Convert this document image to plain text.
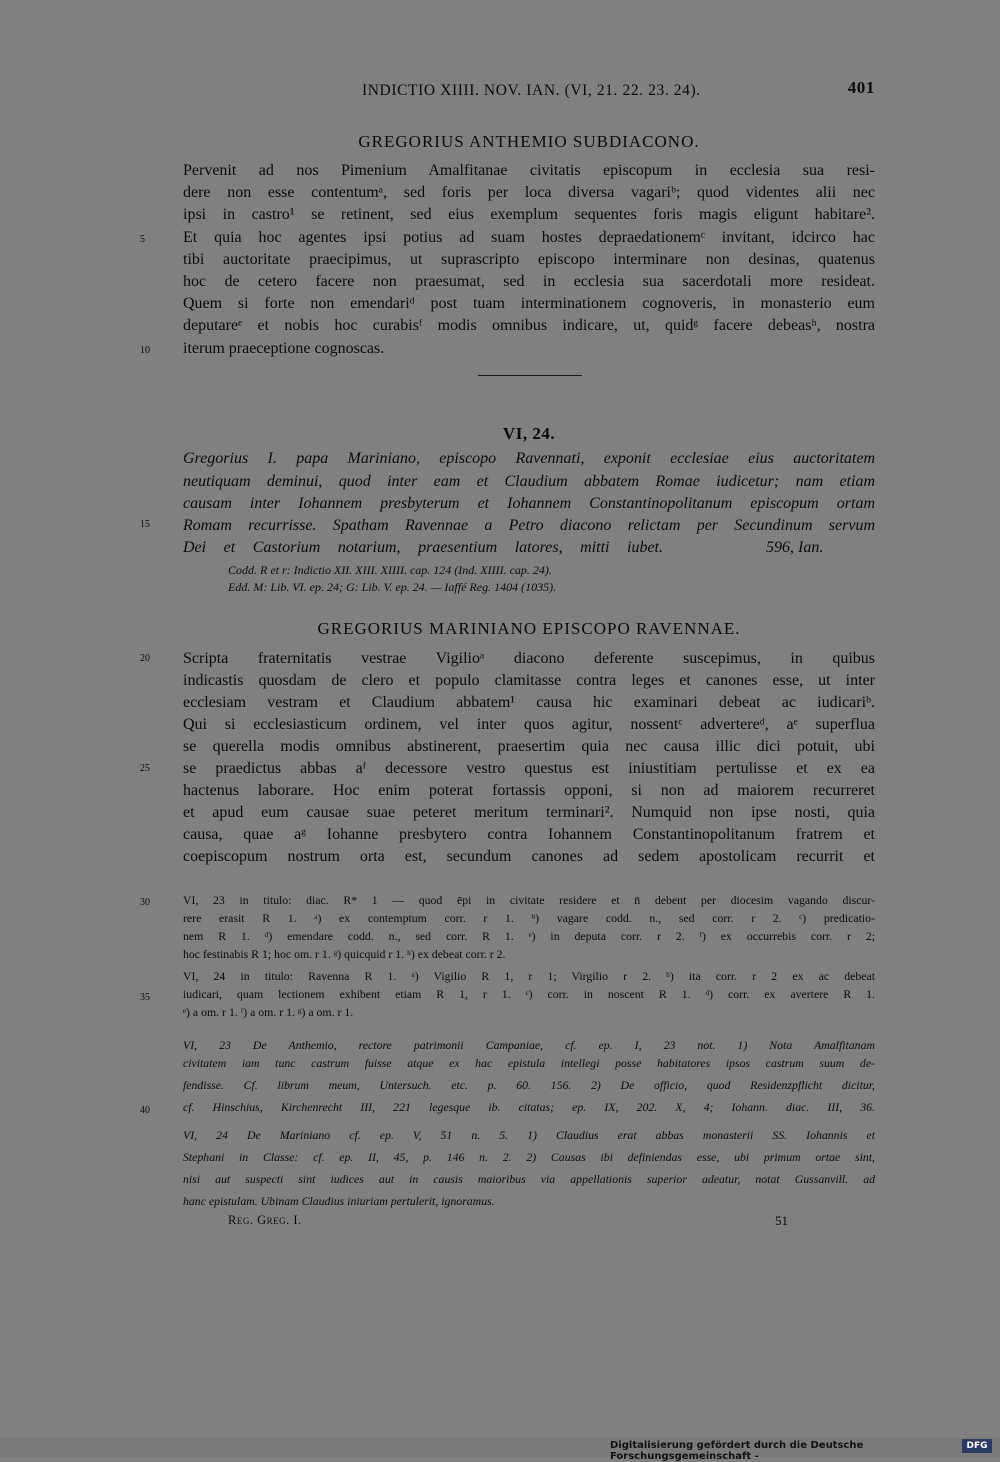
INDICTIO XIIII. NOV. IAN. (VI, 21. 22. 23. 24).	401
GREGORIUS ANTHEMIO SUBDIACONO.
Pervenit ad nos Pimenium Amalfitanae civitatis episcopum in ecclesia sua resi-
dere non esse contentumᵃ, sed foris per loca diversa vagariᵇ; quod videntes alii nec
ipsi in castro¹ se retinent, sed eius exemplum sequentes foris magis eligunt habitare².
Et quia hoc agentes ipsi potius ad suam hostes depraedationemᶜ invitant, idcirco hac
tibi auctoritate praecipimus, ut suprascripto episcopo interminare non desinas, quatenus
hoc de cetero facere non praesumat, sed in ecclesia sua sacerdotali more resideat.
Quem si forte non emendariᵈ post tuam interminationem cognoveris, in monasterio eum
deputareᵉ et nobis hoc curabisᶠ modis omnibus indicare, ut, quidᵍ facere debeasʰ, nostra
iterum praeceptione cognoscas.
5
10
VI, 24.
Gregorius I. papa Mariniano, episcopo Ravennati, exponit ecclesiae eius auctoritatem
neutiquam deminui, quod inter eam et Claudium abbatem Romae iudicetur; nam etiam
causam inter Iohannem presbyterum et Iohannem Constantinopolitanum episcopum ortam
Romam recurrisse. Spatham Ravennae a Petro diacono relictam per Secundinum servum
Dei et Castorium notarium, praesentium latores, mitti iubet.	596, Ian.
15
Codd. R et r: Indictio XII. XIII. XIIII. cap. 124 (Ind. XIIII. cap. 24).
Edd. M: Lib. VI. ep. 24; G: Lib. V. ep. 24. — Iaffé Reg. 1404 (1035).
GREGORIUS MARINIANO EPISCOPO RAVENNAE.
Scripta fraternitatis vestrae Vigilioᵃ diacono deferente suscepimus, in quibus
indicastis quosdam de clero et populo clamitasse contra leges et canones esse, ut inter
ecclesiam vestram et Claudium abbatem¹ causa hic examinari debeat ac iudicariᵇ.
Qui si ecclesiasticum ordinem, vel inter quos agitur, nossentᶜ advertereᵈ, aᵉ superflua
se querella modis omnibus abstinerent, praesertim quia nec causa illic dici potuit, ubi
se praedictus abbas aᶠ decessore vestro questus est iniustitiam pertulisse et ex ea
hactenus laborare. Hoc enim poterat fortassis opponi, si non ad maiorem recurreret
et apud eum causae suae peteret meritum terminari². Numquid non ipse nosti, quia
causa, quae aᵍ Iohanne presbytero contra Iohannem Constantinopolitanum fratrem et
coepiscopum nostrum orta est, secundum canones ad sedem apostolicam recurrit et
20
25
VI, 23 in titulo: diac. R* 1 — quod ēpi in civitate residere et n̄ debent per diocesim vagando discur-
rere erasit R 1. ᵃ) ex contemptum corr. r 1. ᵇ) vagare codd. n., sed corr. r 2. ᶜ) predicatio-
nem R 1. ᵈ) emendare codd. n., sed corr. R 1. ᵉ) in deputa corr. r 2. ᶠ) ex occurrebis corr. r 2;
hoc festinabis R 1; hoc om. r 1. ᵍ) quicquid r 1. ʰ) ex debeat corr. r 2.
VI, 24 in titulo: Ravenna R 1. ᵃ) Vigilio R 1, r 1; Virgilio r 2. ᵇ) ita corr. r 2 ex ac debeat
iudicari, quam lectionem exhibent etiam R 1, r 1. ᶜ) corr. in noscent R 1. ᵈ) corr. ex avertere R 1.
ᵉ) a om. r 1. ᶠ) a om. r 1. ᵍ) a om. r 1.
30
35
40
VI, 23 De Anthemio, rectore patrimonii Campaniae, cf. ep. I, 23 not. 1) Nota Amalfitanam
civitatem iam tunc castrum fuisse atque ex hac epistula intellegi posse habitatores ipsos castrum suum de-
fendisse. Cf. librum meum, Untersuch. etc. p. 60. 156. 2) De officio, quod Residenzpflicht dicitur,
cf. Hinschius, Kirchenrecht III, 221 legesque ib. citatas; ep. IX, 202. X, 4; Iohann. diac. III, 36.
VI, 24 De Mariniano cf. ep. V, 51 n. 5. 1) Claudius erat abbas monasterii SS. Iohannis et
Stephani in Classe: cf. ep. II, 45, p. 146 n. 2. 2) Causas ibi definiendas esse, ubi primum ortae sint,
nisi aut suspecti sint iudices aut in causis maioribus via appellationis superior adeatur, notat Gussanvill. ad
hanc epistulam. Ubinam Claudius iniuriam pertulerit, ignoramus.
Reg. Greg. I.	51
Digitalisierung gefördert durch die Deutsche Forschungsgemeinschaft -
DFG
